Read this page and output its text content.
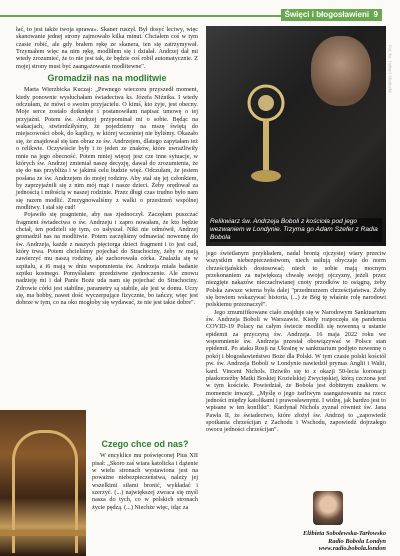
Święci i błogosławieni 9

łać, to jest także twoja sprawa». Skaner ruszył. Był dosyć leciwy, więc skanowanie jednej strony zajmowało kilka minut. Chciałem coś w tym czasie robić, ale gdy brałem rękę ze skanera, ten się zatrzymywał. Trzymałem więc na nim rękę, modliłem się i działał. Andrzej dał mi wtedy zrozumieć, że to nie jest tak, że będzie coś robił automatycznie. Z mojej strony musi być zaangażowanie modlitewne".

Gromadził nas na modlitwie

Marta Wierzbicka Kuczaj: „Pewnego wieczoru przyszedł moment, kiedy ponownie wysłuchałam świadectwa ks. Józefa Niźnika. I wtedy odczułam, że mówi o swoim przyjacielu. O kimś, kto żyje, jest obecny. Moje serce zostało dotknięte i postanowiłam napisać umowę o tej przyjaźni. Potem św. Andrzej przypominał mi o sobie. Będąc na wakacjach, stwierdziłyśmy, że pojedziemy na mszę świętą do miejscowości obok, do kaplicy, w której wcześniej nie byliśmy. Okazało się, że znajdował się tam obraz ze św. Andrzejem, dlatego zapytałam też o relikwie. Oczywiście były i to jeden ze znaków, które uwrażliwiły mnie na jego obecność. Potem mniej więcej jesz cze inne sytuacje, w których św. Andrzej zmieniał naszę decyzję, dawał do zrozumienia, że się do nas przybliża i w jakimś celu budzie więź. Odczułam, że jestem posłana ze św. Andrzejem do mojej rodziny. Aby stał się jej członkiem, by zaprzyjaźnili się z nim mój mąż i nasze dzieci. Żeby orędował za jednością i miłością w naszej rodzinie. Przez długi czas trudno było nam się razem modlić. Zrezygnowaliśmy z walki o przestrzeń wspólnej modlitwy. I stał się cud!

Pojawiło się pragnienie, aby nas zjednoczył. Zaczęłam puszczać fragment świadectwa o św. Andrzeju i zapro nowałam, że kto będzie chciał, ten podzieli się tym, co usłyszał. Nikt nie odmówił, Andrzej gromadził nas na modlitwie. Potem zaczęliśmy odmawiać nowennę do św. Andrzeja, każde z naszych pięciorga dzieci fragment i to jest cud, który trwa. Potem chcieliśmy pojechać do Strachociny, żeby w mają zawierzyć mu naszą rodzinę, ale zachorowała córka. Znalazła się w szpitalu, a i6 mają w dniu wspomnienia św. Andrzeja miała badanie szpiku kostnego. Pomyślałam: przedziwne zjednoczenie. Ale znowu nadzieję mi i dał Panie Boże uda nam się pojechać do Strachociny. Zdrowie córki jest stabilne, parametry są stabile, ale jest w domu. Uczy się, ma hobby, nawet dość wyczerpujące fizycznie, bo tańczy, więc jest dobrze w tym, co na oko mogłoby się wydawać, że nie jest takie dobre".

Czego chce od nas?

W encyklice mu poświęconej Pius XII pisał: „Skoro zaś wiara katolicka i dążenie w wielu stronach wystawiona jest na poważne niebezpieczeństwa, należy jej wszelkimi siłami bronić, wykładać i szerzyć. (...) największej zwraca się myśl nasza do tych, co w polskich stronach życie pędzą. (...) Niechże więc, idąc za

Fot. ks. Hubert Kłodecki
Relikwiarz św. Andrzeja Boboli z kościoła pod jego wezwaniem w Londynie. Trzyma go Adam Szefer z Radia Bobola

jego świetlanym przykładem, nadal bronią ojczystej wiary przeciw wszystkim niebezpieczeństwom, niech usiłują obyczaje do norm chrześcijańskich dostosować; niech to sobie mają mocnym przekonaniem za największą chwałę swojej ojczyzny, jeżeli przez niezgięte nakazów nieczachwianej cnoty przodków to osiągną, żeby Polska zawsze wierna była dalej "przedmurzem chrześcijaństwa. Żeby się bowiem wskazywać historia, (...) że Bóg tę właśnie rolę narodowi polskiemu przeznaczył".

Jego zmumifikowane ciało znajduje się w Narodowym Sanktuarium św. Andrzeja Boboli w Warszawie. Kiedy rozpoczęła się pandemia COVID-19 Polacy na całym świecie modlili się nowenną u ustanie epidemii za przyczyną św. Andrzeja. 16 maja 2022 roku we wspomnienie św. Andrzeja przestał obowiązywać w Polsce stan epidemii. Po ataku Rosji na Ukrainę w sanktuarium podjęto nowennę o pokój i błogosławieństwo Boże dla Polski. W tym czasie polski kościół pw. św. Andrzeja Boboli w Londynie nawiedził prymas Anglii i Walii, kard. Vincent Nichols. Dziwiło się to z okazji 50-lecia koronacji płaskorzeźby Matki Boskiej Kozielskiej Zwycięskiej, którą czczona jest w tym kościele. Powiedział, że Bobola jest dobitnym znakiem w momencie inwazji. „Myślę o jego żarliwym zaangażowaniu na rzecz jedności między katolikami i prawosławnymi. I widzę, jak bardzo jest to wpisane w ten konflikt". Kardynał Nichols zyznał również św. Jana Pawła II, że świadectwo, które złożył św. Andrzej to „zapowiedź spotkania chrześcijan z Zachodu i Wschodu, zapowiedź dojrzałego owocu jedności chrześcijan".

Elżbieta Sobolewska-Tarłowsko
Radio Bobola Londyn
www.radio.bobola.london
